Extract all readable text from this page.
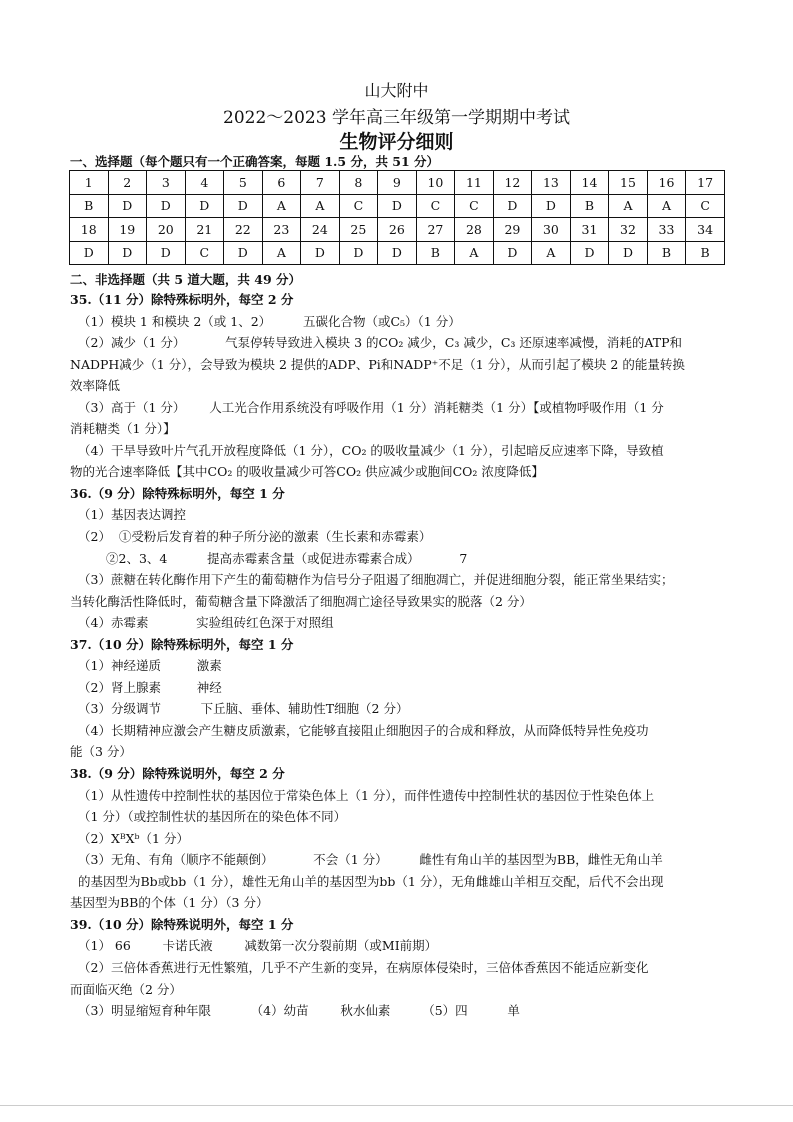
山大附中
2022～2023 学年高三年级第一学期期中考试
生物评分细则
一、选择题（每个题只有一个正确答案，每题 1.5 分，共 51 分）
1	2	3	4	5	6	7	8	9	10	11	12	13	14	15	16	17
B	D	D	D	D	A	A	C	D	C	C	D	D	B	A	A	C
18	19	20	21	22	23	24	25	26	27	28	29	30	31	32	33	34
D	D	D	C	D	A	D	D	D	B	A	D	A	D	D	B	B
二、非选择题（共 5 道大题，共 49 分）
35.（11 分）除特殊标明外，每空 2 分
（1）模块 1 和模块 2（或 1、2）        五碳化合物（或C₅）（1 分）
（2）减少（1 分）          气泵停转导致进入模块 3 的CO₂ 减少，C₃ 减少，C₃ 还原速率减慢，消耗的ATP和
NADPH减少（1 分），会导致为模块 2 提供的ADP、Pi和NADP⁺不足（1 分），从而引起了模块 2 的能量转换
效率降低
（3）高于（1 分）      人工光合作用系统没有呼吸作用（1 分）消耗糖类（1 分）【或植物呼吸作用（1 分
消耗糖类（1 分）】
（4）干旱导致叶片气孔开放程度降低（1 分），CO₂ 的吸收量减少（1 分），引起暗反应速率下降，导致植
物的光合速率降低【其中CO₂ 的吸收量减少可答CO₂ 供应减少或胞间CO₂ 浓度降低】
36.（9 分）除特殊标明外，每空 1 分
（1）基因表达调控
（2）  ①受粉后发育着的种子所分泌的激素（生长素和赤霉素）
②2、3、4          提高赤霉素含量（或促进赤霉素合成）          7
（3）蔗糖在转化酶作用下产生的葡萄糖作为信号分子阻遏了细胞凋亡，并促进细胞分裂，能正常坐果结实；
当转化酶活性降低时，葡萄糖含量下降激活了细胞凋亡途径导致果实的脱落（2 分）
（4）赤霉素            实验组砖红色深于对照组
37.（10 分）除特殊标明外，每空 1 分
（1）神经递质         激素
（2）肾上腺素         神经
（3）分级调节          下丘脑、垂体、辅助性T细胞（2 分）
（4）长期精神应激会产生糖皮质激素，它能够直接阻止细胞因子的合成和释放，从而降低特异性免疫功
能（3 分）
38.（9 分）除特殊说明外，每空 2 分
（1）从性遗传中控制性状的基因位于常染色体上（1 分），而伴性遗传中控制性状的基因位于性染色体上
（1 分）（或控制性状的基因所在的染色体不同）
（2）XᴮXᵇ（1 分）
（3）无角、有角（顺序不能颠倒）          不会（1 分）        雌性有角山羊的基因型为BB，雌性无角山羊
的基因型为Bb或bb（1 分），雄性无角山羊的基因型为bb（1 分），无角雌雄山羊相互交配，后代不会出现
基因型为BB的个体（1 分）（3 分）
39.（10 分）除特殊说明外，每空 1 分
（1） 66        卡诺氏液        减数第一次分裂前期（或MⅠ前期）
（2）三倍体香蕉进行无性繁殖，几乎不产生新的变异，在病原体侵染时，三倍体香蕉因不能适应新变化
而面临灭绝（2 分）
（3）明显缩短育种年限          （4）幼苗        秋水仙素        （5）四          单
